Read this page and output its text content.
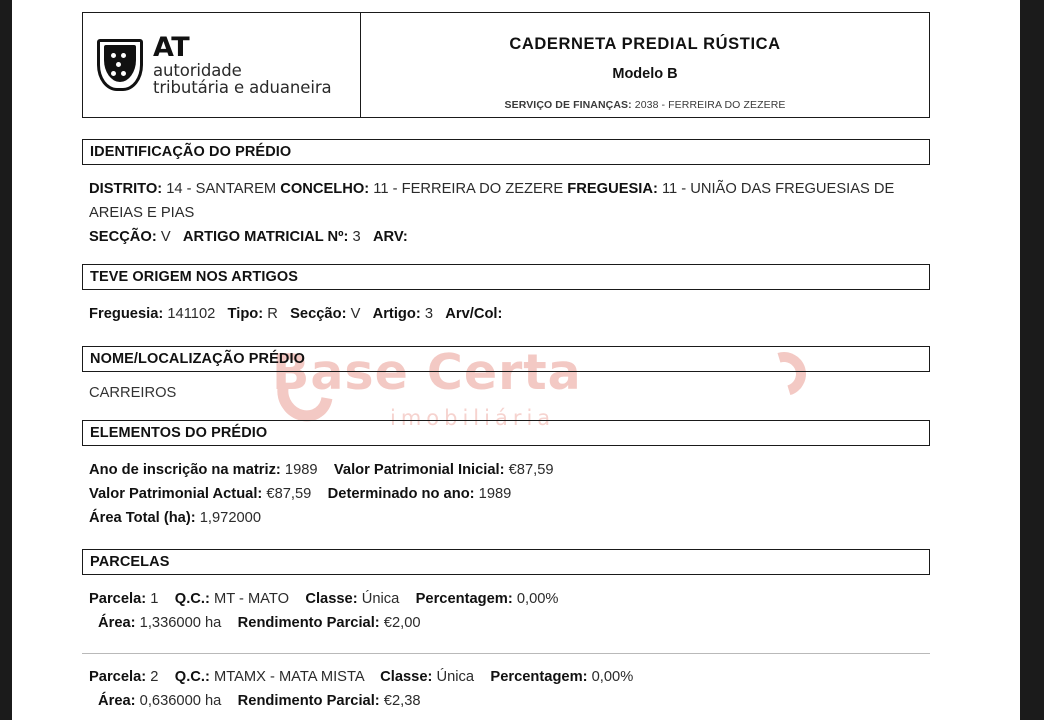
Base Certa
imobiliária
AT
autoridade
tributária e aduaneira
CADERNETA PREDIAL RÚSTICA
Modelo B
SERVIÇO DE FINANÇAS: 2038 - FERREIRA DO ZEZERE
IDENTIFICAÇÃO DO PRÉDIO
DISTRITO: 14 - SANTAREM CONCELHO: 11 - FERREIRA DO ZEZERE FREGUESIA: 11 - UNIÃO DAS FREGUESIAS DE AREIAS E PIAS
SECÇÃO: V ARTIGO MATRICIAL Nº: 3 ARV:
TEVE ORIGEM NOS ARTIGOS
Freguesia: 141102 Tipo: R Secção: V Artigo: 3 Arv/Col:
NOME/LOCALIZAÇÃO PRÉDIO
CARREIROS
ELEMENTOS DO PRÉDIO
Ano de inscrição na matriz: 1989 Valor Patrimonial Inicial: €87,59
Valor Patrimonial Actual: €87,59 Determinado no ano: 1989
Área Total (ha): 1,972000
PARCELAS
Parcela: 1 Q.C.: MT - MATO Classe: Única Percentagem: 0,00%
Área: 1,336000 ha Rendimento Parcial: €2,00
Parcela: 2 Q.C.: MTAMX - MATA MISTA Classe: Única Percentagem: 0,00%
Área: 0,636000 ha Rendimento Parcial: €2,38
